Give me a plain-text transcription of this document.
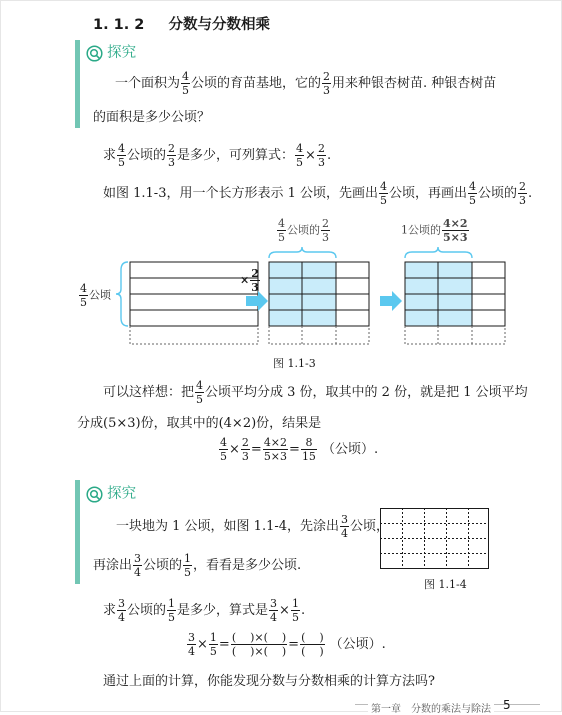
1. 1. 2 分数与分数相乘
探究
一个面积为 $\frac{4}{5}$ 公顷的育苗基地，它的 $\frac{2}{3}$ 用来种银杏树苗. 种银杏树苗
的面积是多少公顷？
求 $\frac{4}{5}$ 公顷的 $\frac{2}{3}$ 是多少，可列算式： $\frac{4}{5} \times \frac{2}{3}$ .
如图 1.1-3，用一个长方形表示 1 公顷，先画出 $\frac{4}{5}$ 公顷，再画出 $\frac{4}{5}$ 公顷的 $\frac{2}{3}$ .
$\frac{4}{5}$ 公顷
× $\frac{2}{3}$
$\frac{4}{5}$ 公顷的 $\frac{2}{3}$	1公顷的 $\frac{4\times 2}{5\times 3}$
图 1.1-3
可以这样想：把 $\frac{4}{5}$ 公顷平均分成 3 份，取其中的 2 份，就是把 1 公顷平均
分成(5×3)份，取其中的(4×2)份，结果是
$\frac{4}{5} \times \frac{2}{3} = \frac{4\times 2}{5\times 3} = \frac{8}{15}$ （公顷）.
探究
一块地为 1 公顷，如图 1.1-4，先涂出 $\frac{3}{4}$ 公顷，
再涂出 $\frac{3}{4}$ 公顷的 $\frac{1}{5}$ ，看看是多少公顷.
图 1.1-4
求 $\frac{3}{4}$ 公顷的 $\frac{1}{5}$ 是多少，算式是 $\frac{3}{4} \times \frac{1}{5}$ .
$\frac{3}{4} \times \frac{1}{5} = \frac{( )\times( )}{( )\times( )} = \frac{( )}{( )}$ （公顷）.
通过上面的计算，你能发现分数与分数相乘的计算方法吗?
第一章　分数的乘法与除法 5
